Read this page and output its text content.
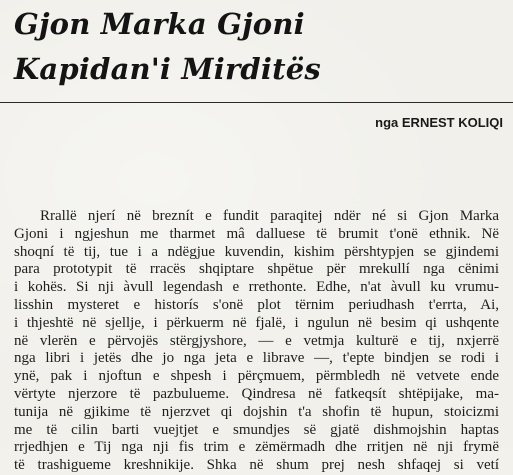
Gjon Marka Gjoni
Kapidan'i Mirditës
nga ERNEST KOLIQI
Rrallë njerí në breznít e fundit paraqitej ndër né si Gjon Marka
Gjoni i ngjeshun me tharmet mâ dalluese të brumit t'onë ethnik. Në
shoqní të tij, tue i a ndëgjue kuvendin, kishim përshtypjen se gjindemi
para prototypit të rracës shqiptare shpëtue për mrekullí nga cënimi
i kohës. Si nji àvull legendash e rrethonte. Edhe, n'at àvull ku vrumu-
lisshin mysteret e historís s'onë plot tërnim periudhash t'errta, Ai,
i thjeshtë në sjellje, i përkuerm në fjalë, i ngulun në besim qi ushqente
në vlerën e përvojës stërgjyshore, — e vetmja kulturë e tij, nxjerrë
nga libri i jetës dhe jo nga jeta e librave —, t'epte bindjen se rodi i
ynë, pak i njoftun e shpesh i përçmuem, përmbledh në vetvete ende
vërtyte njerzore të pazbulueme. Qindresa në fatkeqsít shtëpijake, ma-
tunija në gjikime të njerzvet qi dojshin t'a shofin të hupun, stoicizmi
me të cilin barti vuejtjet e smundjes së gjatë dishmojshin haptas
rrjedhjen e Tij nga nji fis trim e zëmërmadh dhe rritjen në nji frymë
të trashigueme kreshnikije. Shka në shum prej nesh shfaqej si vetí
